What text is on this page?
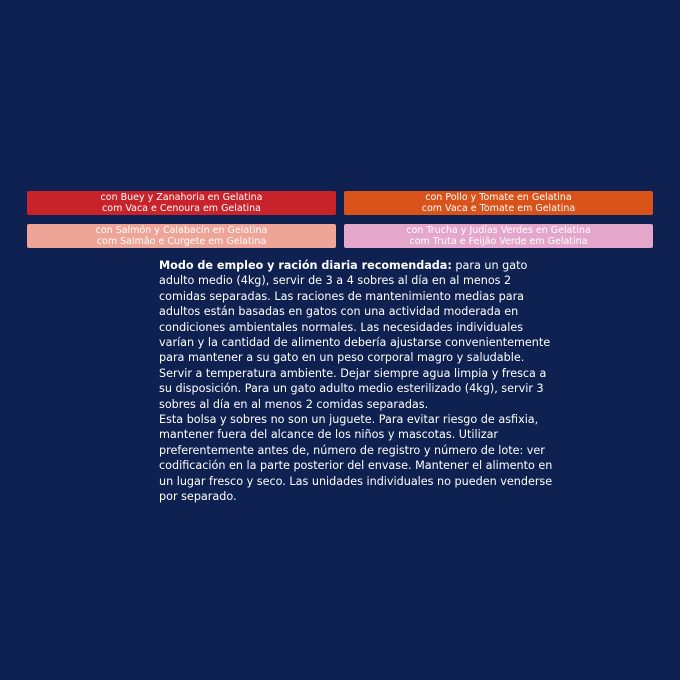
con Buey y Zanahoria en Gelatina
com Vaca e Cenoura em Gelatina
con Pollo y Tomate en Gelatina
com Vaca e Tomate em Gelatina
con Salmón y Calabacín en Gelatina
com Salmão e Curgete em Gelatina
con Trucha y Judías Verdes en Gelatina
com Truta e Feijão Verde em Gelatina

Modo de empleo y ración diaria recomendada: para un gato adulto medio (4kg), servir de 3 a 4 sobres al día en al menos 2 comidas separadas. Las raciones de mantenimiento medias para adultos están basadas en gatos con una actividad moderada en condiciones ambientales normales. Las necesidades individuales varían y la cantidad de alimento debería ajustarse convenientemente para mantener a su gato en un peso corporal magro y saludable. Servir a temperatura ambiente. Dejar siempre agua limpia y fresca a su disposición. Para un gato adulto medio esterilizado (4kg), servir 3 sobres al día en al menos 2 comidas separadas.

Esta bolsa y sobres no son un juguete. Para evitar riesgo de asfixia, mantener fuera del alcance de los niños y mascotas. Utilizar preferentemente antes de, número de registro y número de lote: ver codificación en la parte posterior del envase. Mantener el alimento en un lugar fresco y seco. Las unidades individuales no pueden venderse por separado.
